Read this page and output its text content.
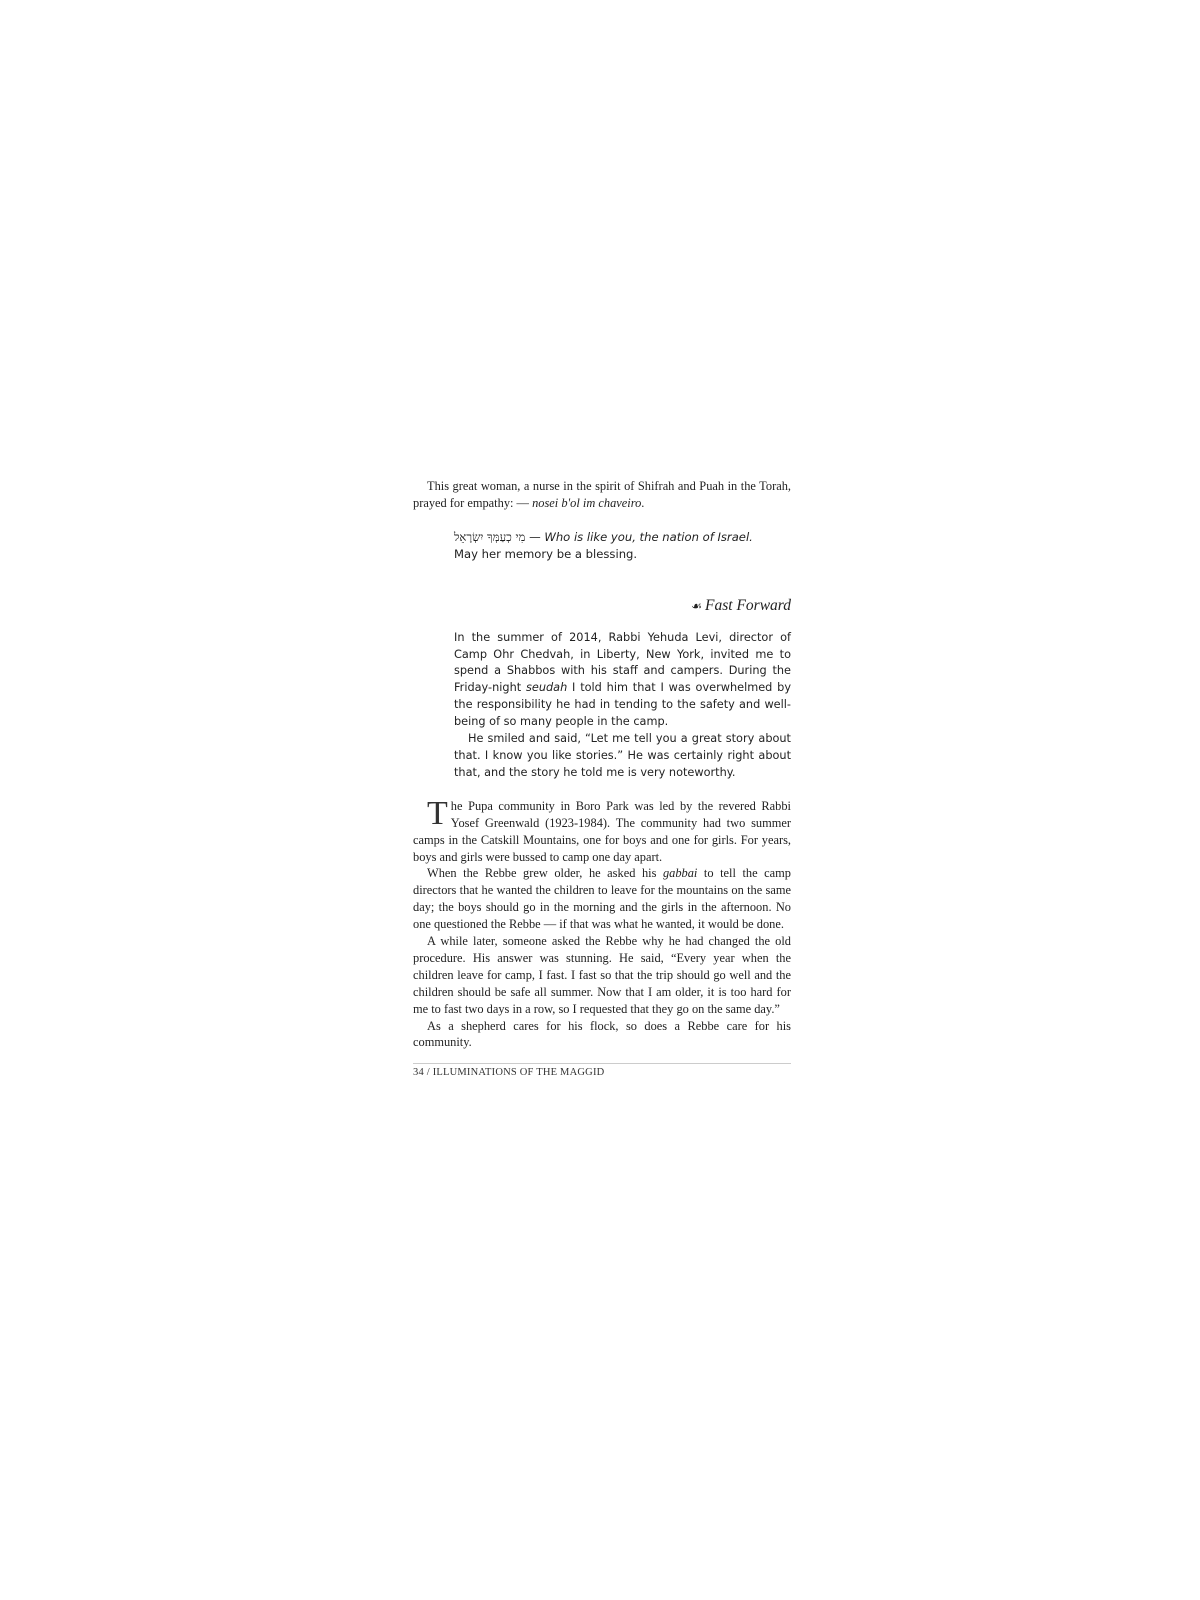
This great woman, a nurse in the spirit of Shifrah and Puah in the Torah, prayed for empathy: — nosei b'ol im chaveiro.

מִי כְעַמְּךָ יִשְׂרָאֵל — Who is like you, the nation of Israel.
May her memory be a blessing.
☙ Fast Forward

In the summer of 2014, Rabbi Yehuda Levi, director of Camp Ohr Chedvah, in Liberty, New York, invited me to spend a Shabbos with his staff and campers. During the Friday-night seudah I told him that I was overwhelmed by the responsibility he had in tending to the safety and well-being of so many people in the camp.

He smiled and said, “Let me tell you a great story about that. I know you like stories.” He was certainly right about that, and the story he told me is very noteworthy.

The Pupa community in Boro Park was led by the revered Rabbi Yosef Greenwald (1923-1984). The community had two summer camps in the Catskill Mountains, one for boys and one for girls. For years, boys and girls were bussed to camp one day apart.

When the Rebbe grew older, he asked his gabbai to tell the camp directors that he wanted the children to leave for the mountains on the same day; the boys should go in the morning and the girls in the afternoon. No one questioned the Rebbe — if that was what he wanted, it would be done.

A while later, someone asked the Rebbe why he had changed the old procedure. His answer was stunning. He said, “Every year when the children leave for camp, I fast. I fast so that the trip should go well and the children should be safe all summer. Now that I am older, it is too hard for me to fast two days in a row, so I requested that they go on the same day.”

As a shepherd cares for his flock, so does a Rebbe care for his community.

34 / ILLUMINATIONS OF THE MAGGID
